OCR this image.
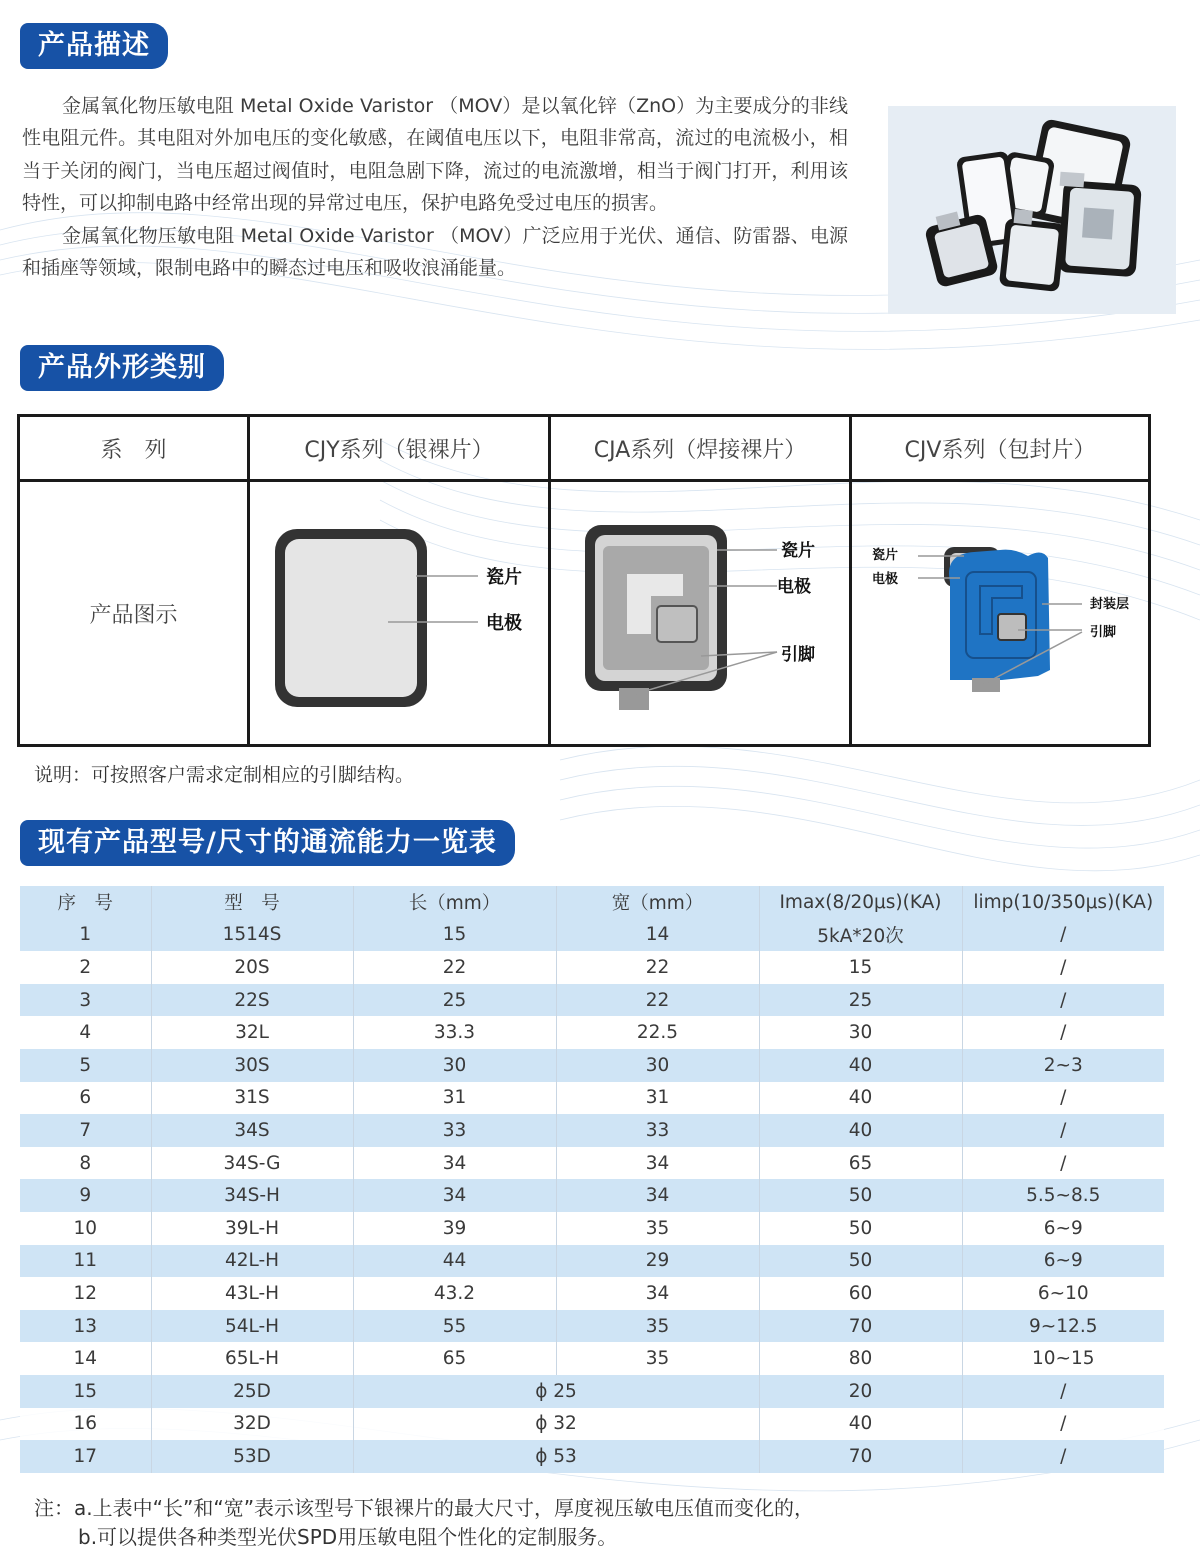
产品描述

金属氧化物压敏电阻 Metal Oxide Varistor （MOV）是以氧化锌（ZnO）为主要成分的非线性电阻元件。其电阻对外加电压的变化敏感，在阈值电压以下，电阻非常高，流过的电流极小，相当于关闭的阀门，当电压超过阀值时，电阻急剧下降，流过的电流激增，相当于阀门打开，利用该特性，可以抑制电路中经常出现的异常过电压，保护电路免受过电压的损害。

金属氧化物压敏电阻 Metal Oxide Varistor （MOV）广泛应用于光伏、通信、防雷器、电源和插座等领域，限制电路中的瞬态过电压和吸收浪涌能量。

产品外形类别
系　列	CJY系列（银裸片）	CJA系列（焊接裸片）	CJV系列（包封片）
产品图示
瓷片
电极
瓷片
电极
引脚
瓷片
电极
封装层
引脚
说明：可按照客户需求定制相应的引脚结构。
现有产品型号/尺寸的通流能力一览表
序　号	型　号	长（mm）	宽（mm）	Imax(8/20μs)(KA)	limp(10/350μs)(KA)
1	1514S	15	14	5kA*20次	/
2	20S	22	22	15	/
3	22S	25	22	25	/
4	32L	33.3	22.5	30	/
5	30S	30	30	40	2~3
6	31S	31	31	40	/
7	34S	33	33	40	/
8	34S-G	34	34	65	/
9	34S-H	34	34	50	5.5~8.5
10	39L-H	39	35	50	6~9
11	42L-H	44	29	50	6~9
12	43L-H	43.2	34	60	6~10
13	54L-H	55	35	70	9~12.5
14	65L-H	65	35	80	10~15
15	25D	ϕ 25		20	/
16	32D	ϕ 32		40	/
17	53D	ϕ 53		70	/
注：a.上表中“长”和“宽”表示该型号下银裸片的最大尺寸，厚度视压敏电压值而变化的，
b.可以提供各种类型光伏SPD用压敏电阻个性化的定制服务。
